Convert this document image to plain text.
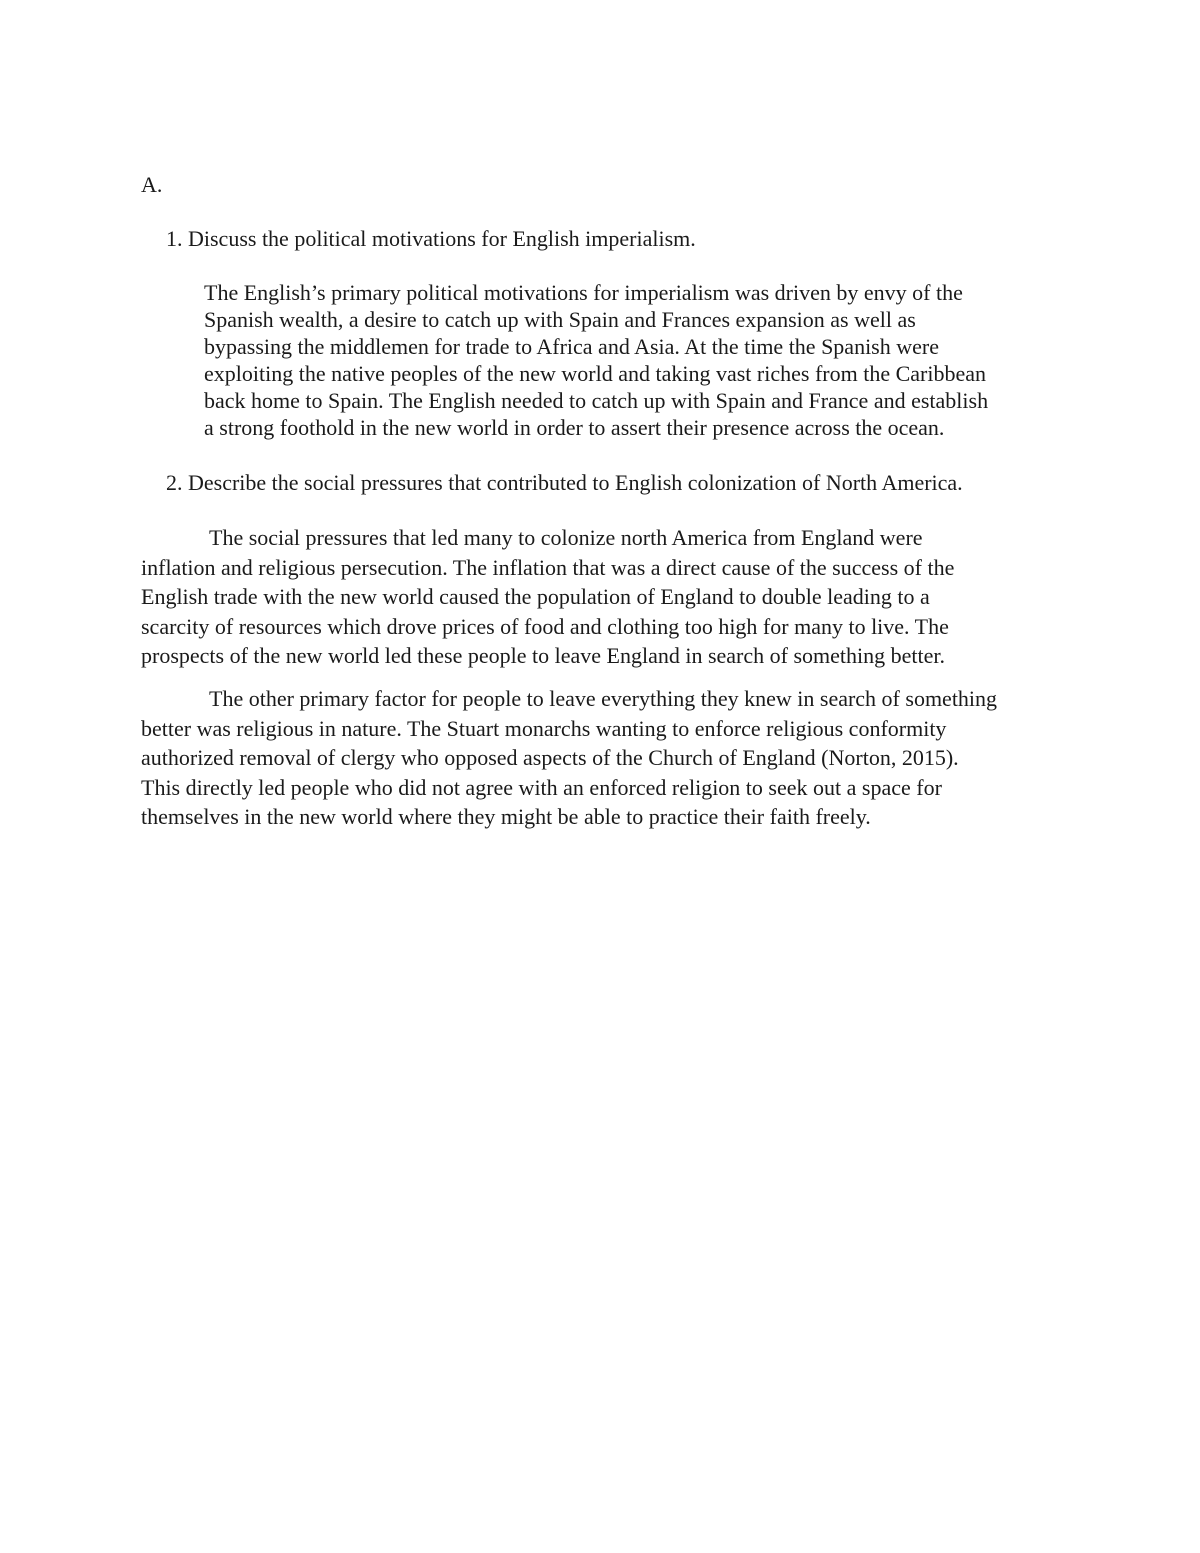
A.
1. Discuss the political motivations for English imperialism.
The English’s primary political motivations for imperialism was driven by envy of the
Spanish wealth, a desire to catch up with Spain and Frances expansion as well as
bypassing the middlemen for trade to Africa and Asia. At the time the Spanish were
exploiting the native peoples of the new world and taking vast riches from the Caribbean
back home to Spain. The English needed to catch up with Spain and France and establish
a strong foothold in the new world in order to assert their presence across the ocean.
2. Describe the social pressures that contributed to English colonization of North America.
The social pressures that led many to colonize north America from England were
inflation and religious persecution. The inflation that was a direct cause of the success of the
English trade with the new world caused the population of England to double leading to a
scarcity of resources which drove prices of food and clothing too high for many to live. The
prospects of the new world led these people to leave England in search of something better.
The other primary factor for people to leave everything they knew in search of something
better was religious in nature. The Stuart monarchs wanting to enforce religious conformity
authorized removal of clergy who opposed aspects of the Church of England (Norton, 2015).
This directly led people who did not agree with an enforced religion to seek out a space for
themselves in the new world where they might be able to practice their faith freely.
